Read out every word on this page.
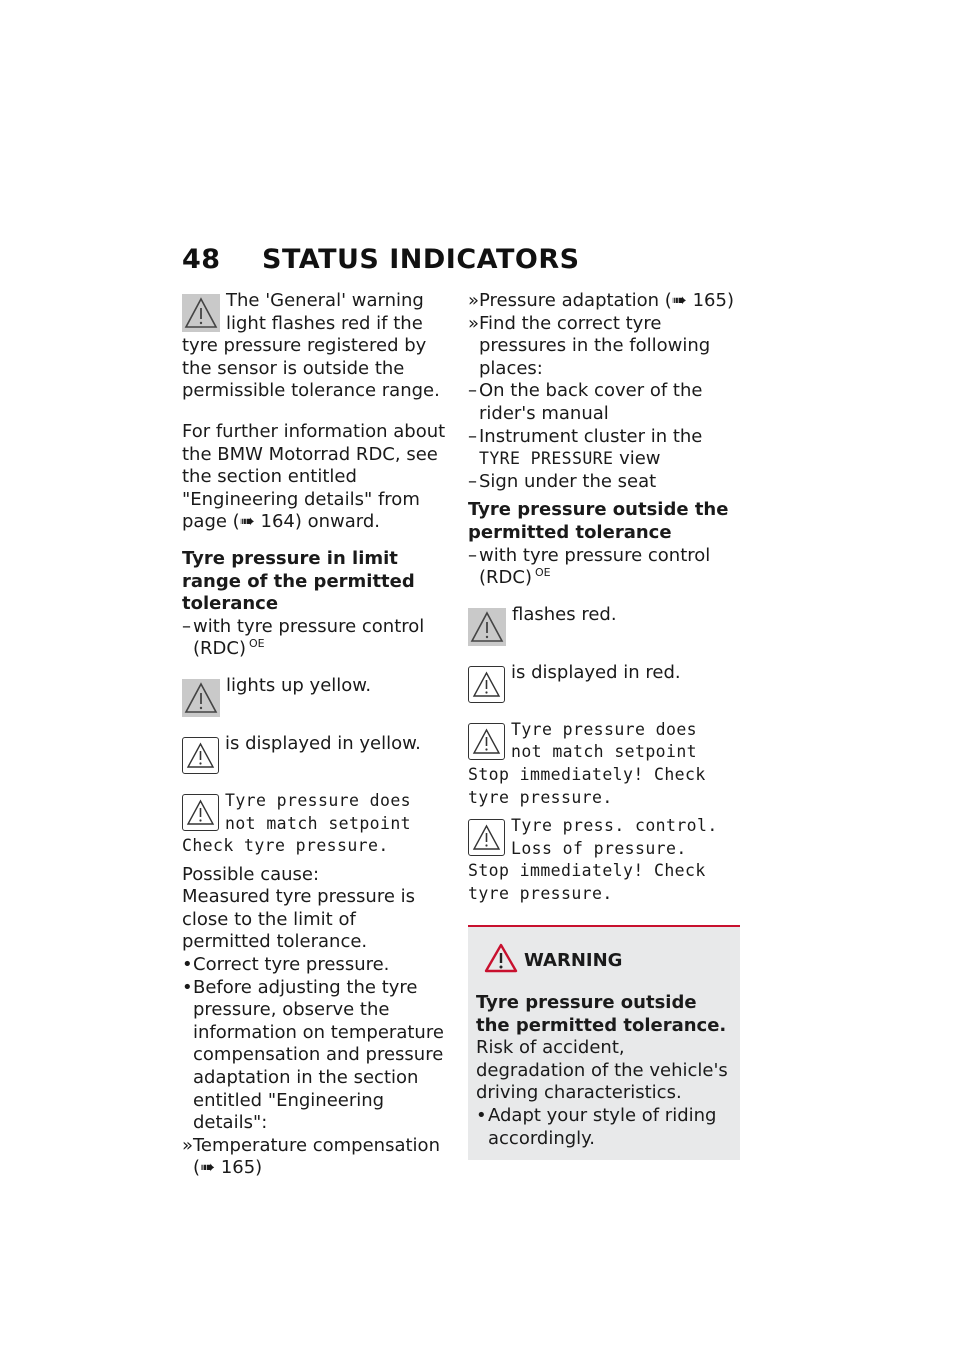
48 STATUS INDICATORS

The 'General' warning light flashes red if the tyre pressure registered by the sensor is outside the permissible tolerance range.

For further information about the BMW Motorrad RDC, see the section entitled "Engineering details" from page (➠ 164) onward.

Tyre pressure in limit range of the permitted tolerance

– with tyre pressure control (RDC) $^{OE}$

lights up yellow.

is displayed in yellow.

Tyre pressure does

not match setpoint

Check tyre pressure.

Possible cause:

Measured tyre pressure is close to the limit of permitted tolerance.

• Correct tyre pressure.
• Before adjusting the tyre pressure, observe the information on temperature compensation and pressure adaptation in the section entitled "Engineering details":
» Temperature compensation (➠ 165)
» Pressure adaptation (➠ 165)
» Find the correct tyre pressures in the following places:
– On the back cover of the rider's manual
– Instrument cluster in the TYRE PRESSURE view
– Sign under the seat

Tyre pressure outside the permitted tolerance

– with tyre pressure control (RDC) $^{OE}$

flashes red.

is displayed in red.

Tyre pressure does

not match setpoint

Stop immediately! Check tyre pressure.

Tyre press. control.

Loss of pressure.

Stop immediately! Check tyre pressure.

WARNING

Tyre pressure outside the permitted tolerance.

Risk of accident, degradation of the vehicle's driving characteristics.

• Adapt your style of riding accordingly.
